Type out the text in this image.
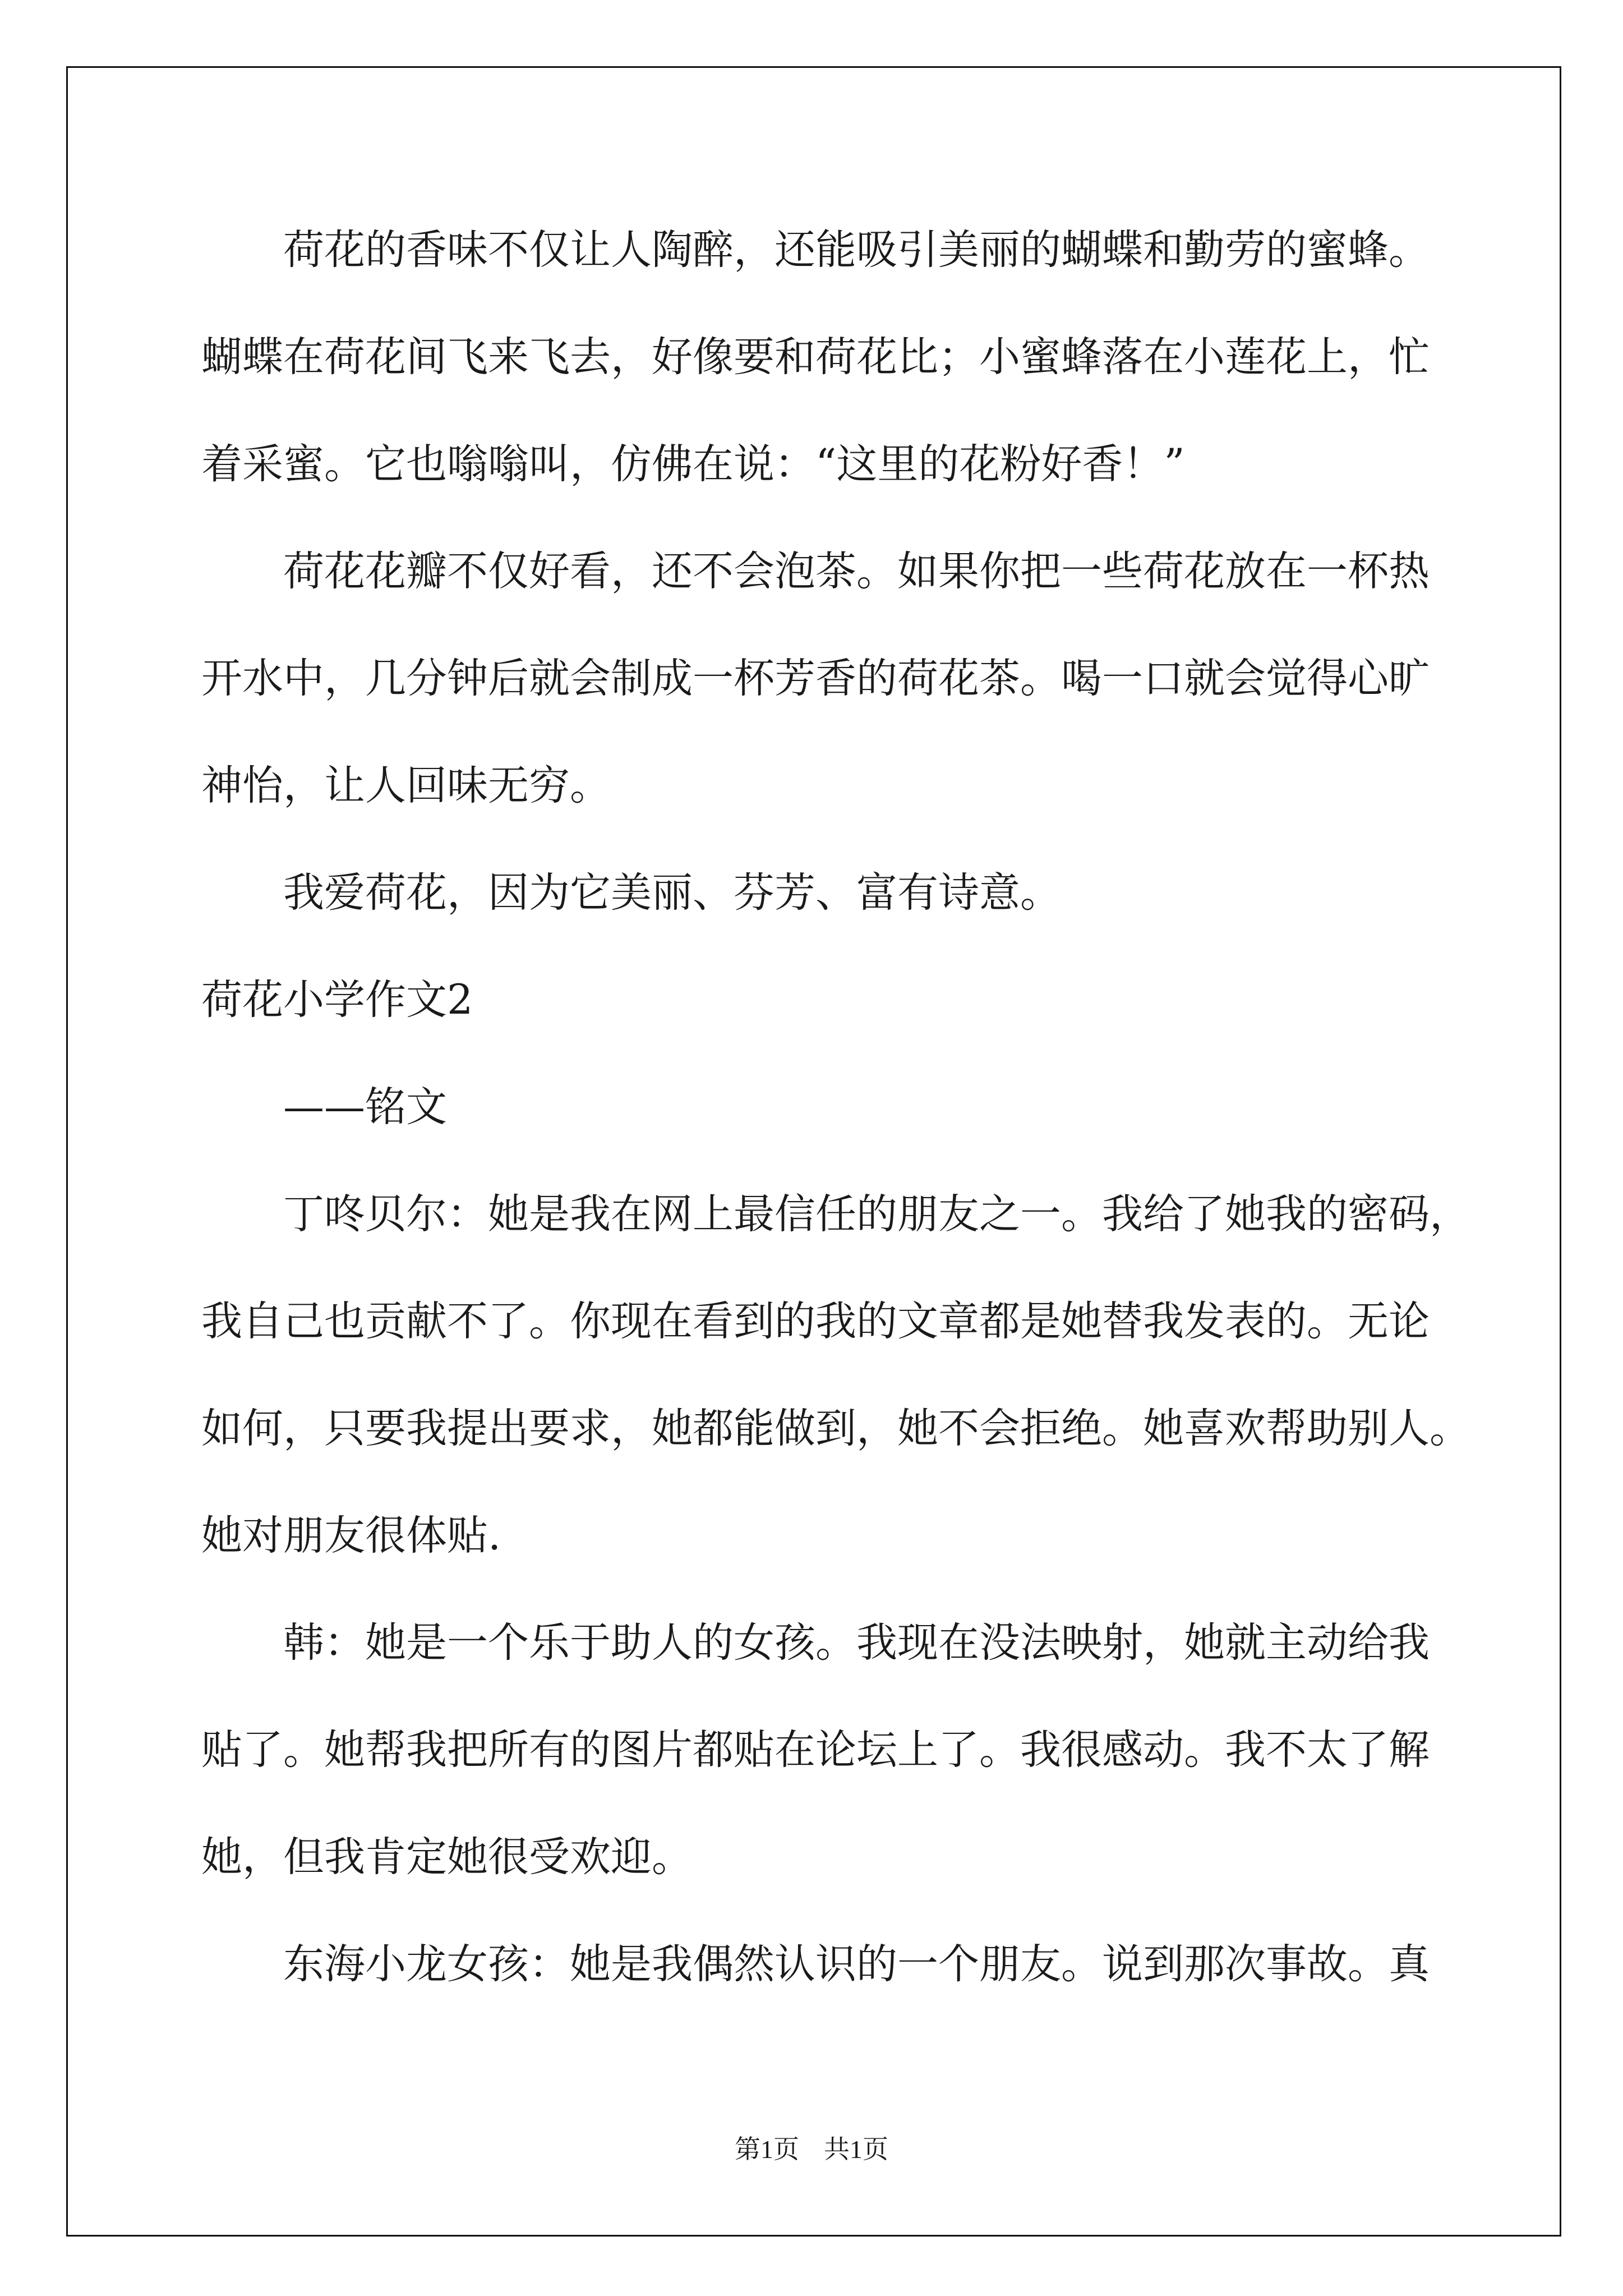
荷花的香味不仅让人陶醉，还能吸引美丽的蝴蝶和勤劳的蜜蜂。
蝴蝶在荷花间飞来飞去，好像要和荷花比；小蜜蜂落在小莲花上，忙
着采蜜。它也嗡嗡叫，仿佛在说：“这里的花粉好香！”
荷花花瓣不仅好看，还不会泡茶。如果你把一些荷花放在一杯热
开水中，几分钟后就会制成一杯芳香的荷花茶。喝一口就会觉得心旷
神怡，让人回味无穷。
我爱荷花，因为它美丽、芬芳、富有诗意。
荷花小学作文2
——铭文
丁咚贝尔：她是我在网上最信任的朋友之一。我给了她我的密码，
我自己也贡献不了。你现在看到的我的文章都是她替我发表的。无论
如何，只要我提出要求，她都能做到，她不会拒绝。她喜欢帮助别人。
她对朋友很体贴.
韩：她是一个乐于助人的女孩。我现在没法映射，她就主动给我
贴了。她帮我把所有的图片都贴在论坛上了。我很感动。我不太了解
她，但我肯定她很受欢迎。
东海小龙女孩：她是我偶然认识的一个朋友。说到那次事故。真
第1页 共1页
